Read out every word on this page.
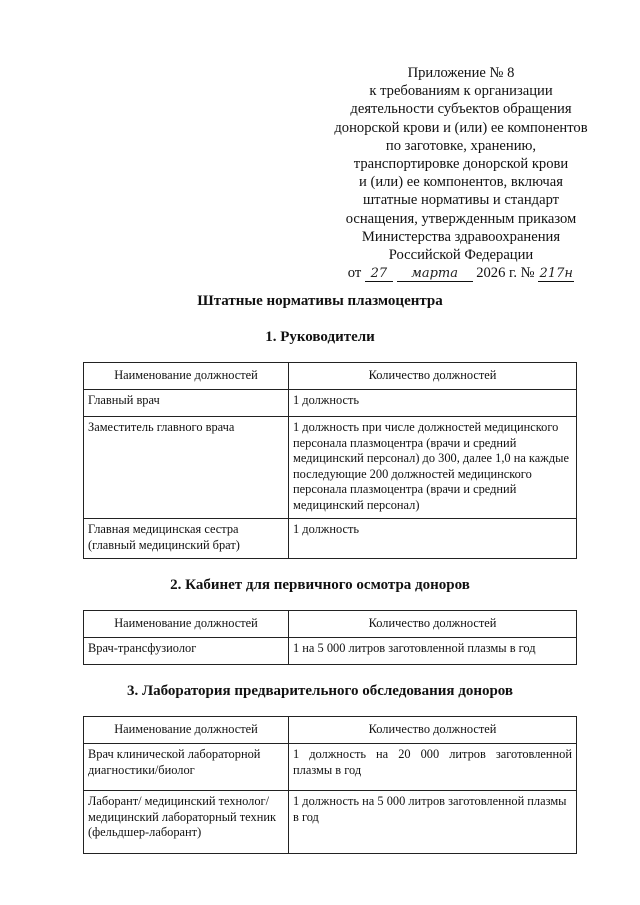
Приложение № 8
к требованиям к организации
деятельности субъектов обращения
донорской крови и (или) ее компонентов
по заготовке, хранению,
транспортировке донорской крови
и (или) ее компонентов, включая
штатные нормативы и стандарт
оснащения, утвержденным приказом
Министерства здравоохранения
Российской Федерации
от 27 марта 2026 г. № 217н
Штатные нормативы плазмоцентра
1. Руководители
Наименование должностей	Количество должностей
Главный врач	1 должность
Заместитель главного врача	1 должность при числе должностей медицинского персонала плазмоцентра (врачи и средний медицинский персонал) до 300, далее 1,0 на каждые последующие 200 должностей медицинского персонала плазмоцентра (врачи и средний медицинский персонал)
Главная медицинская сестра (главный медицинский брат)	1 должность
2. Кабинет для первичного осмотра доноров
Наименование должностей	Количество должностей
Врач-трансфузиолог	1 на 5 000 литров заготовленной плазмы в год
3. Лаборатория предварительного обследования доноров
Наименование должностей	Количество должностей
Врач клинической лабораторной диагностики/биолог	1 должность на 20 000 литров заготовленной плазмы в год
Лаборант/ медицинский технолог/ медицинский лабораторный техник (фельдшер-лаборант)	1 должность на 5 000 литров заготовленной плазмы в год
